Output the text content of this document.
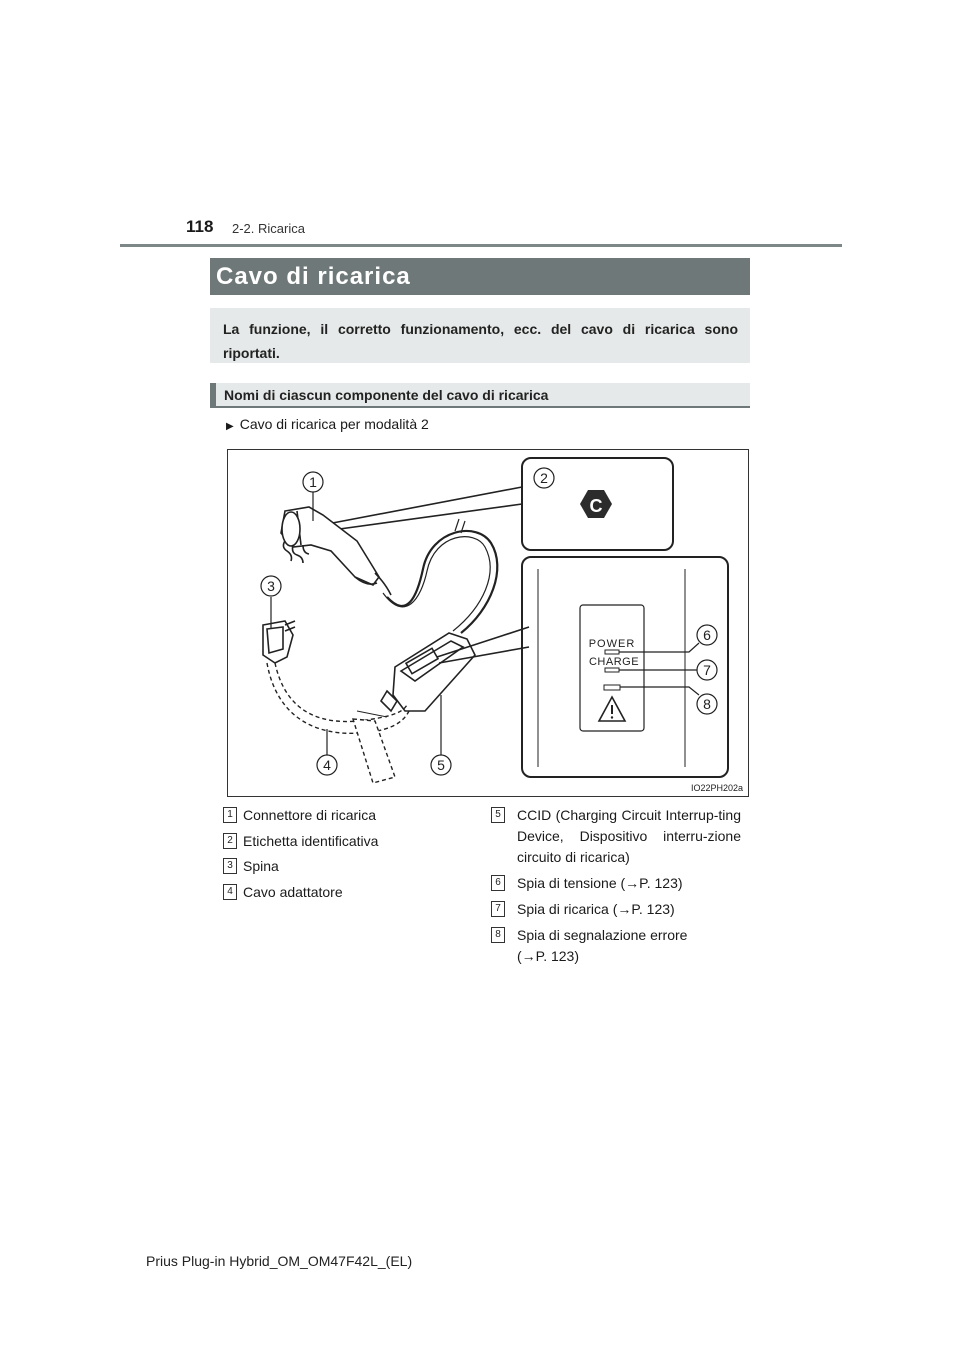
118 2-2. Ricarica
Cavo di ricarica
La funzione, il corretto funzionamento, ecc. del cavo di ricarica sono riportati.
Nomi di ciascun componente del cavo di ricarica
▶ Cavo di ricarica per modalità 2
C
POWER
CHARGE
1	2
3
4	5
6
7
8
IO22PH202a
1 Connettore di ricarica
2 Etichetta identificativa
3 Spina
4 Cavo adattatore
5	CCID (Charging Circuit Interrup-ting Device, Dispositivo interru-zione circuito di ricarica)
6	Spia di tensione (→P. 123)
7	Spia di ricarica (→P. 123)
8	Spia di segnalazione errore (→P. 123)
Prius Plug-in Hybrid_OM_OM47F42L_(EL)
